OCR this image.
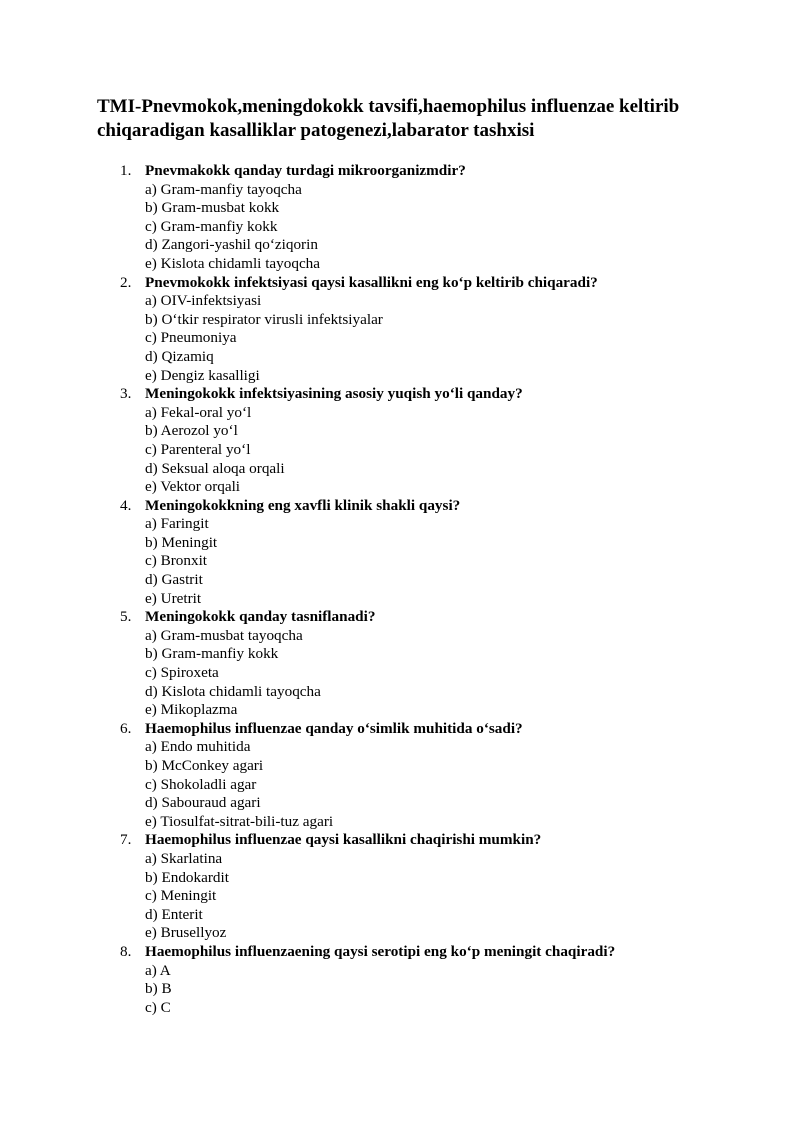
TMI-Pnevmokok,meningdokokk tavsifi,haemophilus influenzae keltirib chiqaradigan kasalliklar patogenezi,labarator tashxisi
1. Pnevmakokk qanday turdagi mikroorganizmdir?
a) Gram-manfiy tayoqcha
b) Gram-musbat kokk
c) Gram-manfiy kokk
d) Zangori-yashil qo‘ziqorin
e) Kislota chidamli tayoqcha
2. Pnevmokokk infektsiyasi qaysi kasallikni eng ko‘p keltirib chiqaradi?
a) OIV-infektsiyasi
b) O‘tkir respirator virusli infektsiyalar
c) Pneumoniya
d) Qizamiq
e) Dengiz kasalligi
3. Meningokokk infektsiyasining asosiy yuqish yo‘li qanday?
a) Fekal-oral yo‘l
b) Aerozol yo‘l
c) Parenteral yo‘l
d) Seksual aloqa orqali
e) Vektor orqali
4. Meningokokkning eng xavfli klinik shakli qaysi?
a) Faringit
b) Meningit
c) Bronxit
d) Gastrit
e) Uretrit
5. Meningokokk qanday tasniflanadi?
a) Gram-musbat tayoqcha
b) Gram-manfiy kokk
c) Spiroxeta
d) Kislota chidamli tayoqcha
e) Mikoplazma
6. Haemophilus influenzae qanday o‘simlik muhitida o‘sadi?
a) Endo muhitida
b) McConkey agari
c) Shokoladli agar
d) Sabouraud agari
e) Tiosulfat-sitrat-bili-tuz agari
7. Haemophilus influenzae qaysi kasallikni chaqirishi mumkin?
a) Skarlatina
b) Endokardit
c) Meningit
d) Enterit
e) Brusellyoz
8. Haemophilus influenzaening qaysi serotipi eng ko‘p meningit chaqiradi?
a) A
b) B
c) C
